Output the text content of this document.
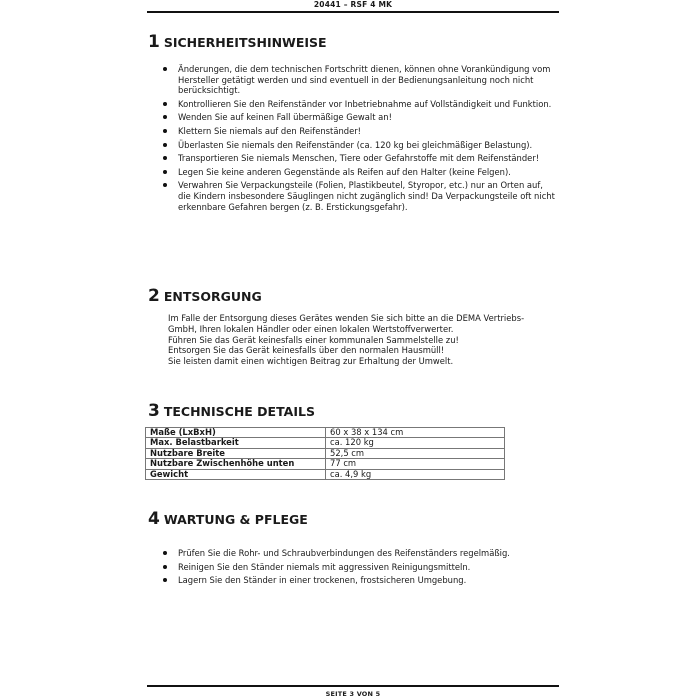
20441 – RSF 4 MK
1 SICHERHEITSHINWEISE
Änderungen, die dem technischen Fortschritt dienen, können ohne Vorankündigung vom Hersteller getätigt werden und sind eventuell in der Bedienungsanleitung noch nicht berücksichtigt.
Kontrollieren Sie den Reifenständer vor Inbetriebnahme auf Vollständigkeit und Funktion.
Wenden Sie auf keinen Fall übermäßige Gewalt an!
Klettern Sie niemals auf den Reifenständer!
Überlasten Sie niemals den Reifenständer (ca. 120 kg bei gleichmäßiger Belastung).
Transportieren Sie niemals Menschen, Tiere oder Gefahrstoffe mit dem Reifenständer!
Legen Sie keine anderen Gegenstände als Reifen auf den Halter (keine Felgen).
Verwahren Sie Verpackungsteile (Folien, Plastikbeutel, Styropor, etc.) nur an Orten auf, die Kindern insbesondere Säuglingen nicht zugänglich sind! Da Verpackungsteile oft nicht erkennbare Gefahren bergen (z. B. Erstickungsgefahr).
2 ENTSORGUNG

Im Falle der Entsorgung dieses Gerätes wenden Sie sich bitte an die DEMA Vertriebs-
GmbH, Ihren lokalen Händler oder einen lokalen Wertstoffverwerter.
Führen Sie das Gerät keinesfalls einer kommunalen Sammelstelle zu!
Entsorgen Sie das Gerät keinesfalls über den normalen Hausmüll!
Sie leisten damit einen wichtigen Beitrag zur Erhaltung der Umwelt.

3 TECHNISCHE DETAILS
Maße (LxBxH)	60 x 38 x 134 cm
Max. Belastbarkeit	ca. 120 kg
Nutzbare Breite	52,5 cm
Nutzbare Zwischenhöhe unten	77 cm
Gewicht	ca. 4,9 kg
4 WARTUNG & PFLEGE
Prüfen Sie die Rohr- und Schraubverbindungen des Reifenständers regelmäßig.
Reinigen Sie den Ständer niemals mit aggressiven Reinigungsmitteln.
Lagern Sie den Ständer in einer trockenen, frostsicheren Umgebung.
SEITE 3 VON 5
